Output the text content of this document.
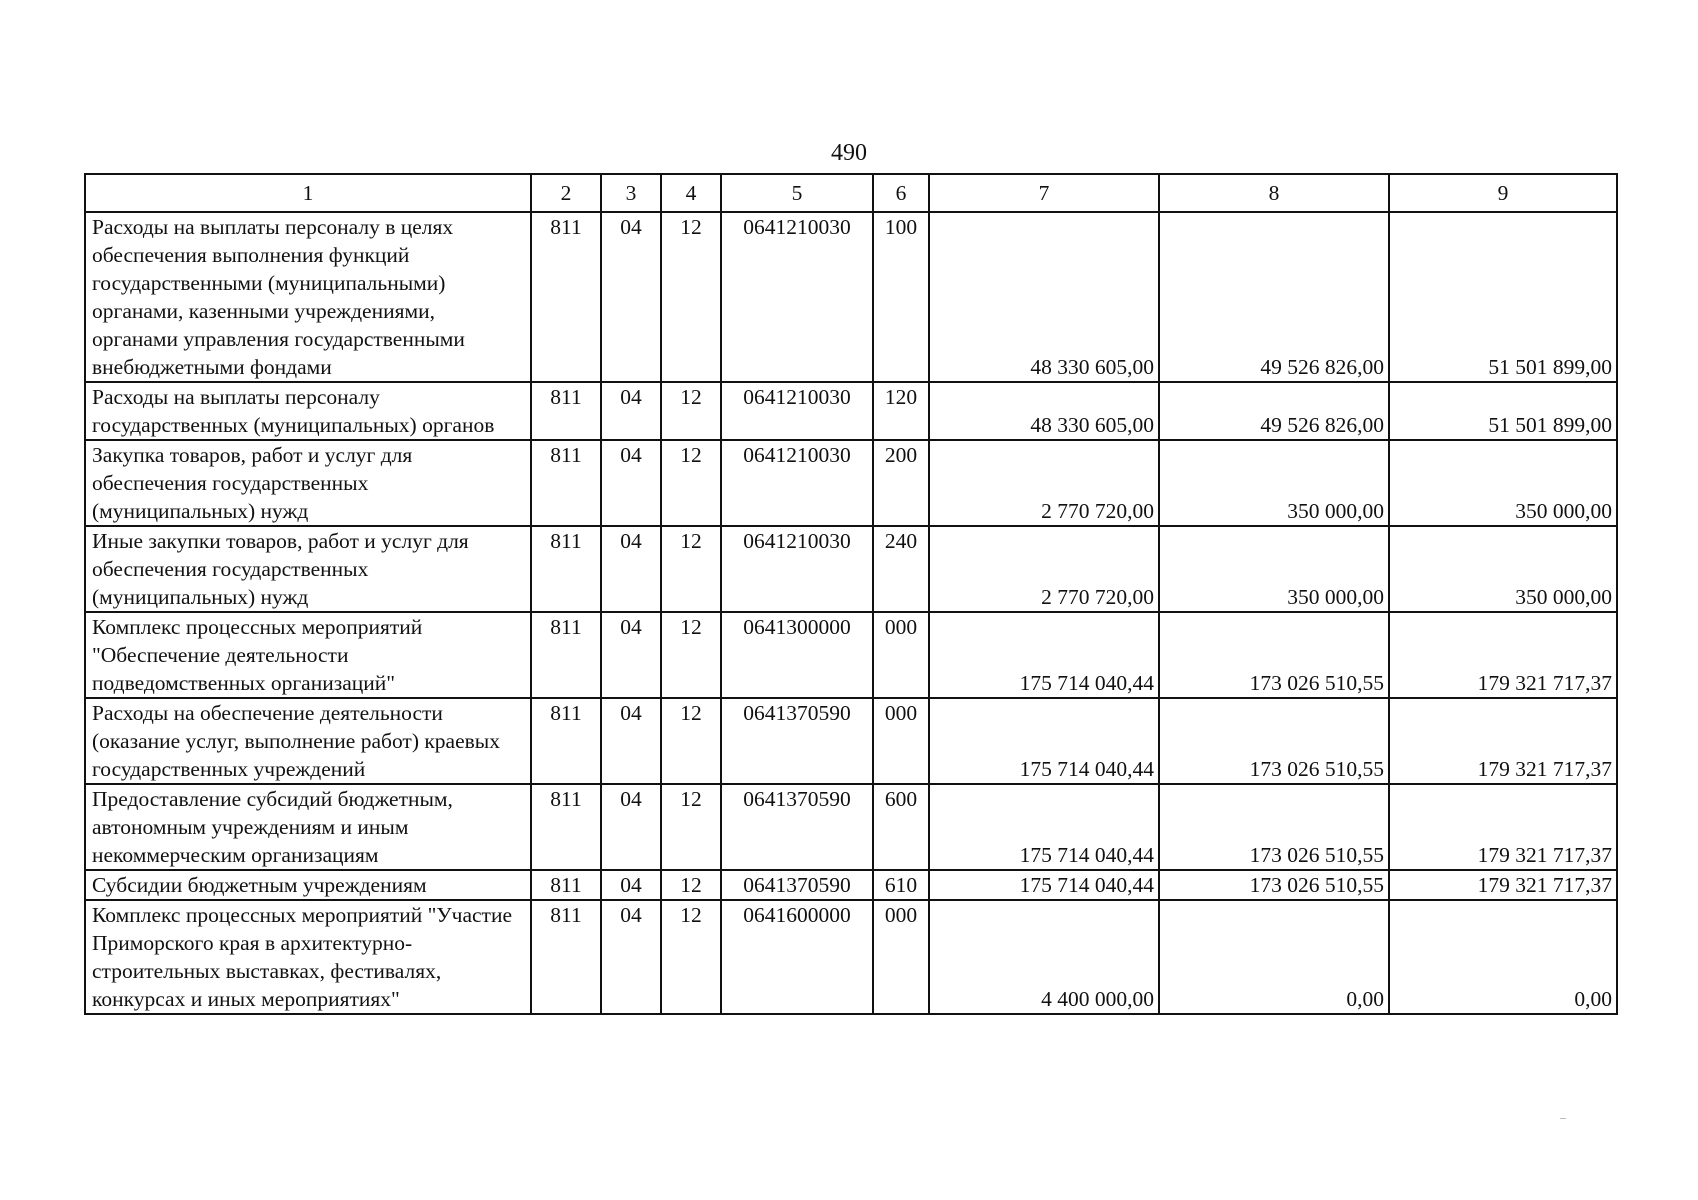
490
1	2	3	4	5	6	7	8	9
Расходы на выплаты персоналу в целях обеспечения выполнения функций государственными (муниципальными) органами, казенными учреждениями, органами управления государственными внебюджетными фондами	811	04	12	0641210030	100	48 330 605,00	49 526 826,00	51 501 899,00
Расходы на выплаты персоналу государственных (муниципальных) органов	811	04	12	0641210030	120	48 330 605,00	49 526 826,00	51 501 899,00
Закупка товаров, работ и услуг для обеспечения государственных (муниципальных) нужд	811	04	12	0641210030	200	2 770 720,00	350 000,00	350 000,00
Иные закупки товаров, работ и услуг для обеспечения государственных (муниципальных) нужд	811	04	12	0641210030	240	2 770 720,00	350 000,00	350 000,00
Комплекс процессных мероприятий "Обеспечение деятельности подведомственных организаций"	811	04	12	0641300000	000	175 714 040,44	173 026 510,55	179 321 717,37
Расходы на обеспечение деятельности (оказание услуг, выполнение работ) краевых государственных учреждений	811	04	12	0641370590	000	175 714 040,44	173 026 510,55	179 321 717,37
Предоставление субсидий бюджетным, автономным учреждениям и иным некоммерческим организациям	811	04	12	0641370590	600	175 714 040,44	173 026 510,55	179 321 717,37
Субсидии бюджетным учреждениям	811	04	12	0641370590	610	175 714 040,44	173 026 510,55	179 321 717,37
Комплекс процессных мероприятий "Участие Приморского края в архитектурно-строительных выставках, фестивалях, конкурсах и иных мероприятиях"	811	04	12	0641600000	000	4 400 000,00	0,00	0,00
